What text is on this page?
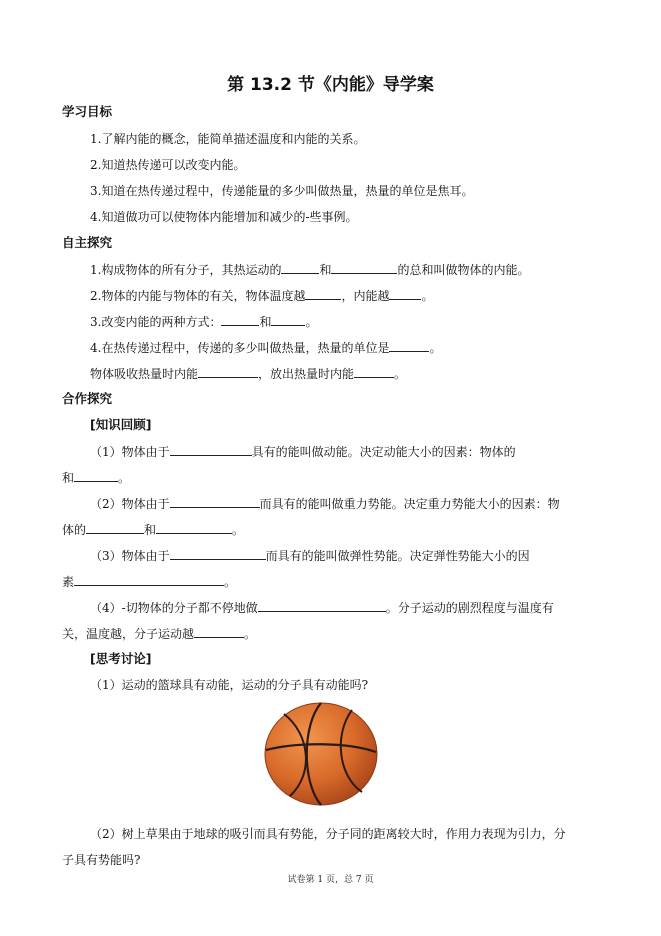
第 13.2 节《内能》导学案
学习目标
1.了解内能的概念，能简单描述温度和内能的关系。
2.知道热传递可以改变内能。
3.知道在热传递过程中，传递能量的多少叫做热量，热量的单位是焦耳。
4.知道做功可以使物体内能增加和减少的-些事例。
自主探究
1.构成物体的所有分子，其热运动的	和	的总和叫做物体的内能。
2.物体的内能与物体的有关，物体温度越	，内能越	。
3.改变内能的两种方式：	和	。
4.在热传递过程中，传递的多少叫做热量，热量的单位是	。
物体吸收热量时内能	，放出热量时内能	。
合作探究
[知识回顾]
（1）物体由于	具有的能叫做动能。决定动能大小的因素：物体的
和	。
（2）物体由于	而具有的能叫做重力势能。决定重力势能大小的因素：物
体的	和	。
（3）物体由于	而具有的能叫做弹性势能。决定弹性势能大小的因
素	。
（4）-切物体的分子都不停地做	。分子运动的剧烈程度与温度有
关，温度越，分子运动越	。
[思考讨论]
（1）运动的篮球具有动能，运动的分子具有动能吗?
（2）树上草果由于地球的吸引而具有势能，分子同的距离较大时，作用力表现为引力，分
子具有势能吗?
试卷第 1 页，总 7 页
